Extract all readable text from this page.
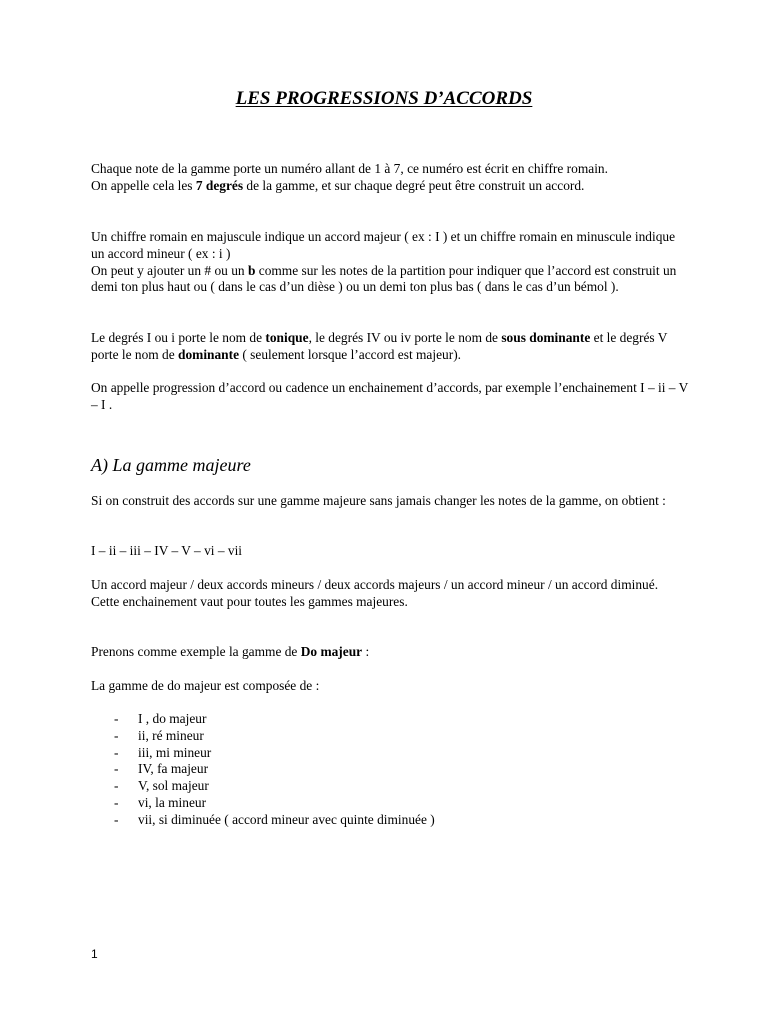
LES PROGRESSIONS D’ACCORDS
Chaque note de la gamme porte un numéro allant de 1 à 7, ce numéro est écrit en chiffre romain.
On appelle cela les 7 degrés de la gamme, et sur chaque degré peut être construit un accord.
Un chiffre romain en majuscule indique un accord majeur ( ex : I ) et un chiffre romain en minuscule indique un accord mineur ( ex : i )
On peut y ajouter un # ou un b comme sur les notes de la partition pour indiquer que l’accord est construit un demi ton plus haut ou ( dans le cas d’un dièse ) ou un demi ton plus bas ( dans le cas d’un bémol ).
Le degrés I ou i porte le nom de tonique, le degrés IV ou iv porte le nom de sous dominante et le degrés V porte le nom de dominante ( seulement lorsque l’accord est majeur).
On appelle progression d’accord ou cadence un enchainement d’accords, par exemple l’enchainement I – ii – V – I .
A) La gamme majeure
Si on construit des accords sur une gamme majeure sans jamais changer les notes de la gamme, on obtient :
I – ii – iii – IV – V – vi – vii
Un accord majeur / deux accords mineurs / deux accords majeurs / un accord mineur / un accord diminué.
Cette enchainement vaut pour toutes les gammes majeures.
Prenons comme exemple la gamme de Do majeur :
La gamme de do majeur est composée de :
- I , do majeur
- ii, ré mineur
- iii, mi mineur
- IV, fa majeur
- V, sol majeur
- vi, la mineur
- vii, si diminuée ( accord mineur avec quinte diminuée )
1
